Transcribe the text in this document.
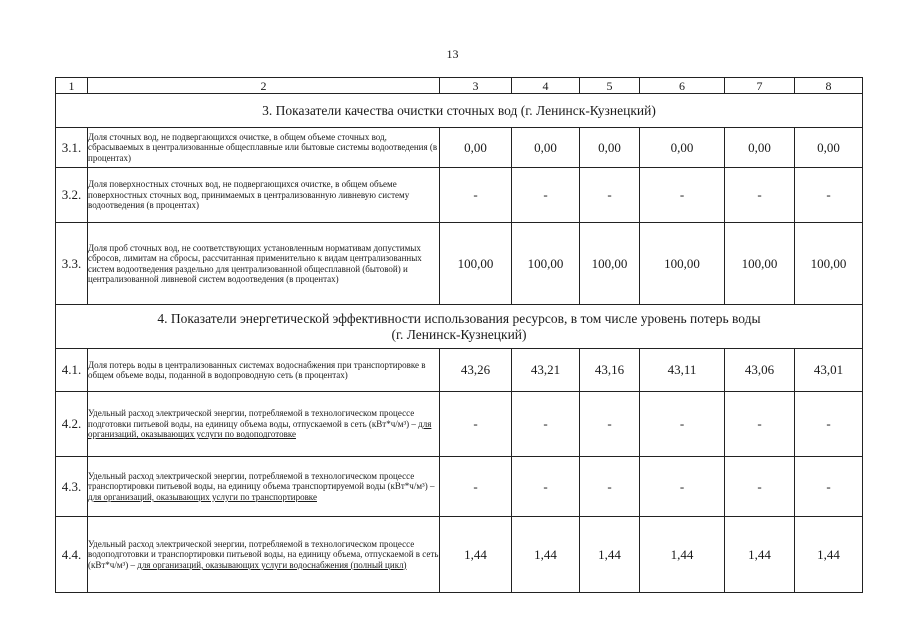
13
1	2	3	4	5	6	7	8
3. Показатели качества очистки сточных вод (г. Ленинск-Кузнецкий)							
3.1.	Доля сточных вод, не подвергающихся очистке, в общем объеме сточных вод, сбрасываемых в централизованные общесплавные или бытовые системы водоотведения (в процентах)	0,00	0,00	0,00	0,00	0,00	0,00
3.2.	Доля поверхностных сточных вод, не подвергающихся очистке, в общем объеме поверхностных сточных вод, принимаемых в централизованную ливневую систему водоотведения (в процентах)	-	-	-	-	-	-
3.3.	Доля проб сточных вод, не соответствующих установленным нормативам допустимых сбросов, лимитам на сбросы, рассчитанная применительно к видам централизованных систем водоотведения раздельно для централизованной общесплавной (бытовой) и централизованной ливневой систем водоотведения (в процентах)	100,00	100,00	100,00	100,00	100,00	100,00

4. Показатели энергетической эффективности использования ресурсов, в том числе уровень потерь воды
(г. Ленинск-Кузнецкий)							

4.1.	Доля потерь воды в централизованных системах водоснабжения при транспортировке в общем объеме воды, поданной в водопроводную сеть (в процентах)	43,26	43,21	43,16	43,11	43,06	43,01
4.2.	Удельный расход электрической энергии, потребляемой в технологическом процессе подготовки питьевой воды, на единицу объема воды, отпускаемой в сеть (кВт*ч/м³) – для организаций, оказывающих услуги по водоподготовке	-	-	-	-	-	-
4.3.	Удельный расход электрической энергии, потребляемой в технологическом процессе транспортировки питьевой воды, на единицу объема транспортируемой воды (кВт*ч/м³) – для организаций, оказывающих услуги по транспортировке	-	-	-	-	-	-
4.4.	Удельный расход электрической энергии, потребляемой в технологическом процессе водоподготовки и транспортировки питьевой воды, на единицу объема, отпускаемой в сеть (кВт*ч/м³) – для организаций, оказывающих услуги водоснабжения (полный цикл)	1,44	1,44	1,44	1,44	1,44	1,44
